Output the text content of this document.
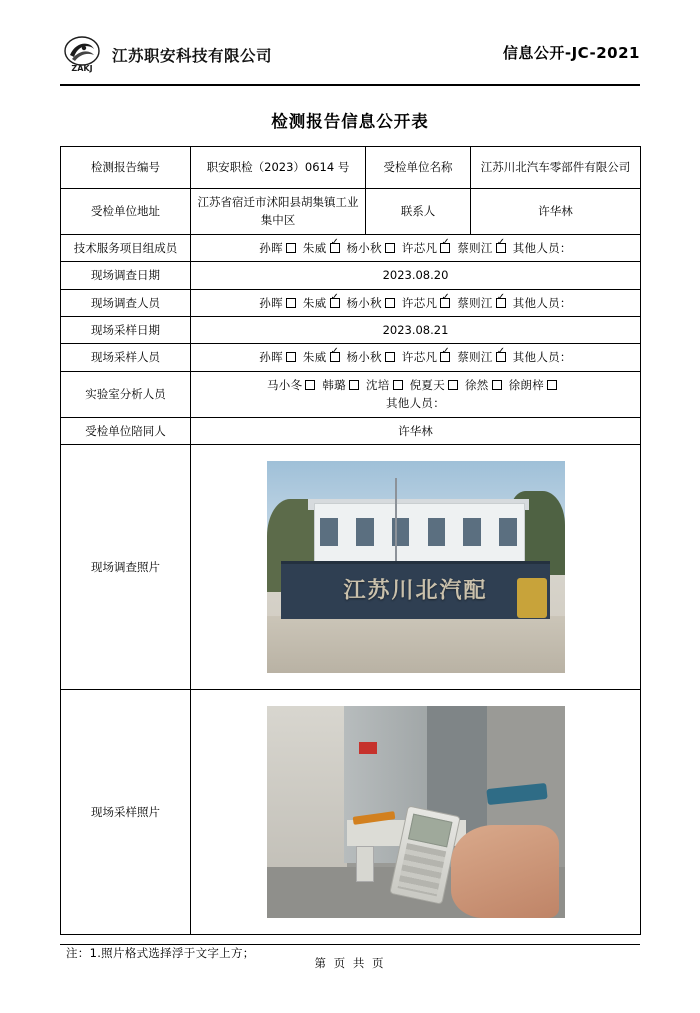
ZAKJ
江苏职安科技有限公司	信息公开-JC-2021
检测报告信息公开表
检测报告编号	职安职检（2023）0614 号	受检单位名称	江苏川北汽车零部件有限公司
受检单位地址	江苏省宿迁市沭阳县胡集镇工业集中区	联系人	许华林
技术服务项目组成员	孙晖 朱威 ✓ 杨小秋 许芯凡 ✓ 蔡则江 ✓ 其他人员：
现场调查日期	2023.08.20		
现场调查人员	孙晖 朱威 ✓ 杨小秋 许芯凡 ✓ 蔡则江 ✓ 其他人员：
现场采样日期	2023.08.21		
现场采样人员	孙晖 朱威 ✓ 杨小秋 许芯凡 ✓ 蔡则江 ✓ 其他人员：
实验室分析人员	马小冬 韩璐 沈培 倪夏天 徐然 徐朗梓
其他人员：		

受检单位陪同人	许华林		
现场调查照片	江苏川北汽配		

现场采样照片			
注：1.照片格式选择浮于文字上方；
第 页 共 页
